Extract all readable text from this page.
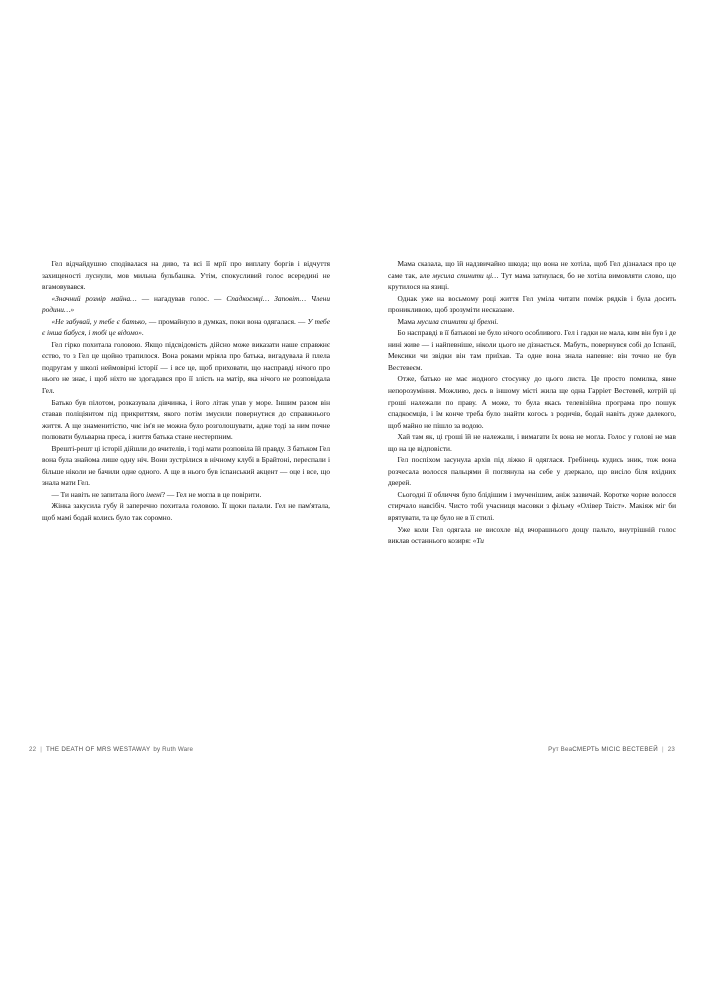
Гел відчайдушно сподівалася на диво, та всі її мрії про виплату боргів і відчуття захищеності луснули, мов мильна бульбашка. Утім, спокусливий голос всередині не вгамовувався.

«Значний розмір майна… — нагадував голос. — Спадкоємці… Заповіт… Члени родини…»

«Не забувай, у тебе є батько, — промайнуло в думках, поки вона одягалася. — У тебе є інша бабуся, і тобі це відомо».

Гел гірко похитала головою. Якщо підсвідомість дійсно може виказати наше справжнє єство, то з Гел це щойно трапилося. Вона роками мріяла про батька, вигадувала й плела подругам у школі неймовірні історії — і все це, щоб приховати, що насправді нічого про нього не знає, і щоб ніхто не здогадався про її злість на матір, яка нічого не розповідала Гел.

Батько був пілотом, розказувала дівчинка, і його літак упав у море. Іншим разом він ставав поліціянтом під прикриттям, якого потім змусили повернутися до справжнього життя. А ще знаменитістю, чиє ім'я не можна було розголошувати, адже тоді за ним почне полювати бульварна преса, і життя батька стане нестерпним.

Врешті-решт ці історії дійшли до вчителів, і тоді мати розповіла їй правду. З батьком Гел вона була знайома лише одну ніч. Вони зустрілися в нічному клубі в Брайтоні, переспали і більше ніколи не бачили одне одного. А ще в нього був іспанський акцент — оце і все, що знала мати Гел.

— Ти навіть не запитала його імені? — Гел не могла в це повірити.

Жінка закусила губу й заперечно похитала головою. Її щоки палали. Гел не пам'ятала, щоб мамі бодай колись було так соромно.

22 | THE DEATH OF MRS WESTAWAY by Ruth Ware

Мама сказала, що їй надзвичайно шкода; що вона не хотіла, щоб Гел дізналася про це саме так, але мусила спинити ці… Тут мама затнулася, бо не хотіла вимовляти слово, що крутилося на язиці.

Однак уже на восьмому році життя Гел уміла читати поміж рядків і була досить проникливою, щоб зрозуміти несказане.

Мама мусила спинити ці брехні.

Бо насправді в її батькові не було нічого особливого. Гел і гадки не мала, ким він був і де нині живе — і найпевніше, ніколи цього не дізнається. Мабуть, повернувся собі до Іспанії, Мексики чи звідки він там приїхав. Та одне вона знала напевне: він точно не був Вестевеєм.

Отже, батько не має жодного стосунку до цього листа. Це просто помилка, явне непорозуміння. Можливо, десь в іншому місті жила ще одна Гарріет Вестевей, котрій ці гроші належали по праву. А може, то була якась телевізійна програма про пошук спадкоємців, і їм конче треба було знайти когось з родичів, бодай навіть дуже далекого, щоб майно не пішло за водою.

Хай там як, ці гроші їй не належали, і вимагати їх вона не могла. Голос у голові не мав що на це відповісти.

Гел поспіхом засунула архів під ліжко й одяглася. Гребінець кудись зник, тож вона розчесала волосся пальцями й поглянула на себе у дзеркало, що висіло біля вхідних дверей.

Сьогодні її обличчя було блідішим і змученішим, аніж зазвичай. Коротке чорне волосся стирчало навсібіч. Чисто тобі учасниця масовки з фільму «Олівер Твіст». Макіяж міг би врятувати, та це було не в її стилі.

Уже коли Гел одягала не висохле від вчорашнього дощу пальто, внутрішній голос виклав останнього козиря: «Ти

Рут ВеаСМЕРТЬ МІСІС ВЕСТЕВЕЙ | 23
